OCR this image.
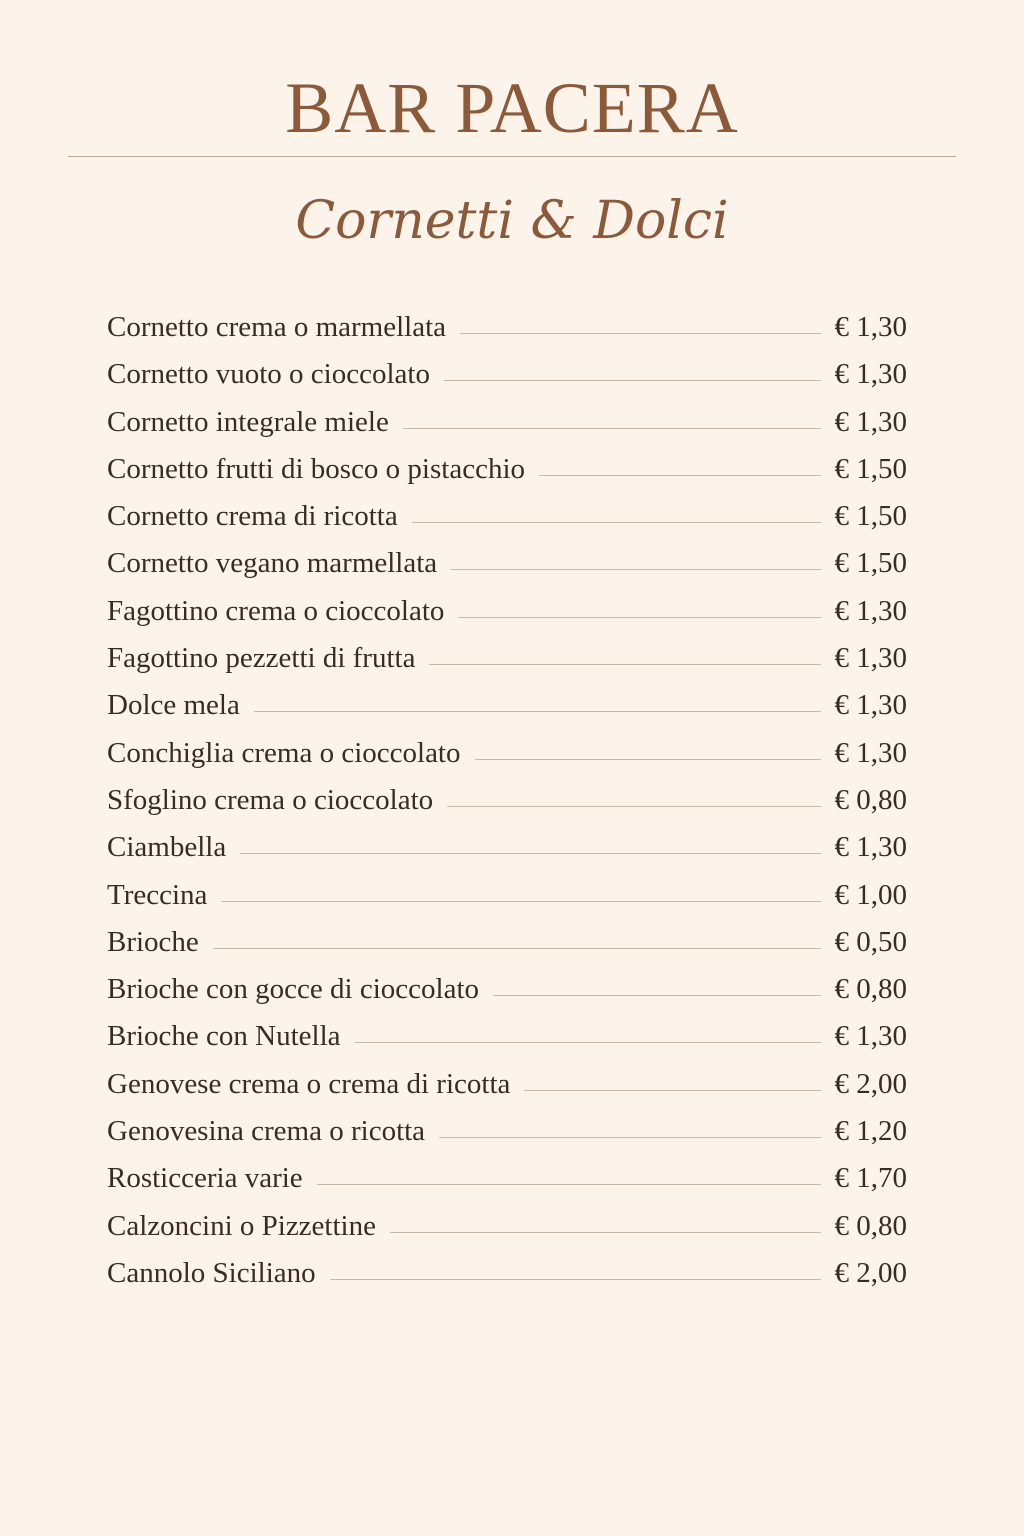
BAR PACERA
Cornetti & Dolci
Cornetto crema o marmellata	€ 1,30
Cornetto vuoto o cioccolato	€ 1,30
Cornetto integrale miele	€ 1,30
Cornetto frutti di bosco o pistacchio	€ 1,50
Cornetto crema di ricotta	€ 1,50
Cornetto vegano marmellata	€ 1,50
Fagottino crema o cioccolato	€ 1,30
Fagottino pezzetti di frutta	€ 1,30
Dolce mela	€ 1,30
Conchiglia crema o cioccolato	€ 1,30
Sfoglino crema o cioccolato	€ 0,80
Ciambella	€ 1,30
Treccina	€ 1,00
Brioche	€ 0,50
Brioche con gocce di cioccolato	€ 0,80
Brioche con Nutella	€ 1,30
Genovese crema o crema di ricotta	€ 2,00
Genovesina crema o ricotta	€ 1,20
Rosticceria varie	€ 1,70
Calzoncini o Pizzettine	€ 0,80
Cannolo Siciliano	€ 2,00
